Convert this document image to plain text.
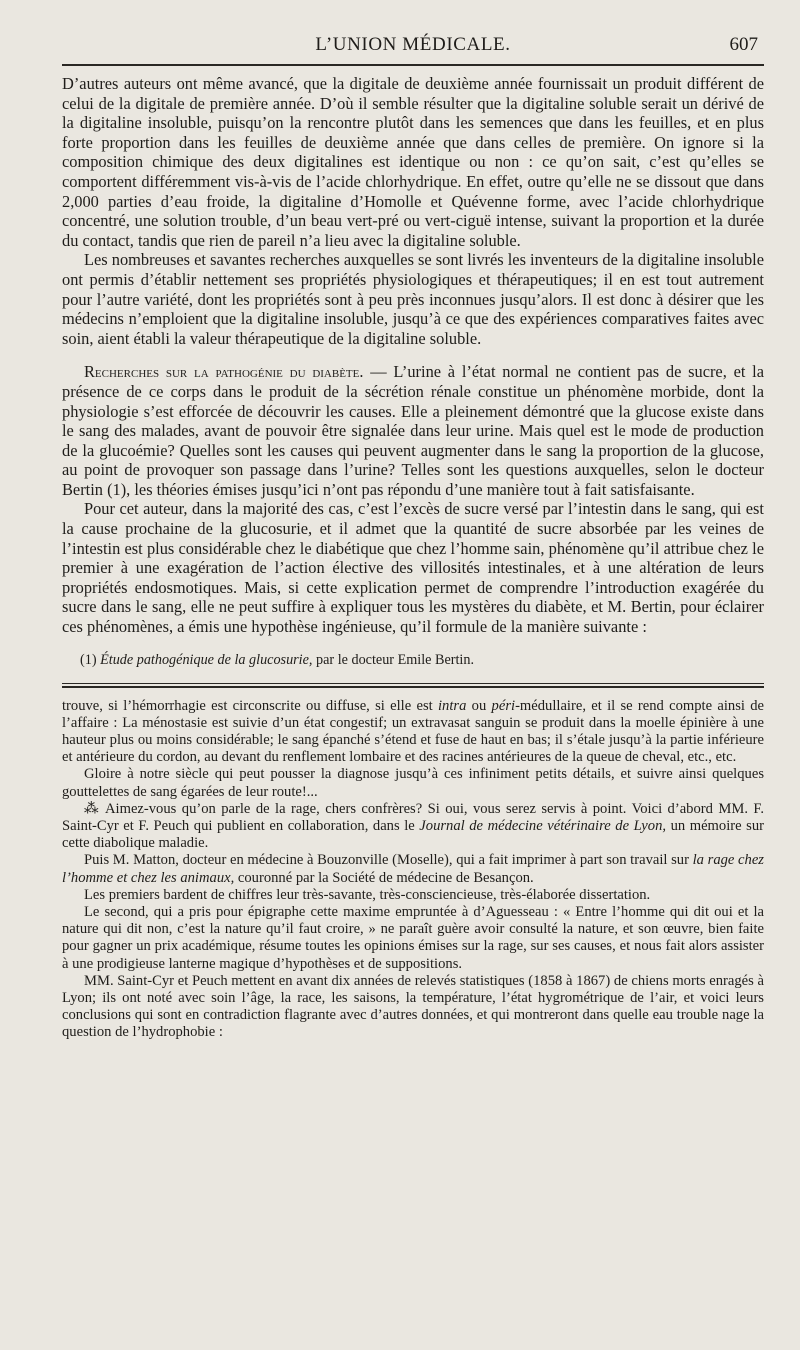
L’UNION MÉDICALE.	607

D’autres auteurs ont même avancé, que la digitale de deuxième année fournissait un produit différent de celui de la digitale de première année. D’où il semble résulter que la digitaline soluble serait un dérivé de la digitaline insoluble, puisqu’on la rencontre plutôt dans les semences que dans les feuilles, et en plus forte proportion dans les feuilles de deuxième année que dans celles de première. On ignore si la composition chimique des deux digitalines est identique ou non : ce qu’on sait, c’est qu’elles se comportent différemment vis-à-vis de l’acide chlorhydrique. En effet, outre qu’elle ne se dissout que dans 2,000 parties d’eau froide, la digitaline d’Homolle et Quévenne forme, avec l’acide chlorhydrique concentré, une solution trouble, d’un beau vert-pré ou vert-ciguë intense, suivant la proportion et la durée du contact, tandis que rien de pareil n’a lieu avec la digitaline soluble.

Les nombreuses et savantes recherches auxquelles se sont livrés les inventeurs de la digitaline insoluble ont permis d’établir nettement ses propriétés physiologiques et thérapeutiques; il en est tout autrement pour l’autre variété, dont les propriétés sont à peu près inconnues jusqu’alors. Il est donc à désirer que les médecins n’emploient que la digitaline insoluble, jusqu’à ce que des expériences comparatives faites avec soin, aient établi la valeur thérapeutique de la digitaline soluble.

Recherches sur la pathogénie du diabète. — L’urine à l’état normal ne contient pas de sucre, et la présence de ce corps dans le produit de la sécrétion rénale constitue un phénomène morbide, dont la physiologie s’est efforcée de découvrir les causes. Elle a pleinement démontré que la glucose existe dans le sang des malades, avant de pouvoir être signalée dans leur urine. Mais quel est le mode de production de la glucoémie? Quelles sont les causes qui peuvent augmenter dans le sang la proportion de la glucose, au point de provoquer son passage dans l’urine? Telles sont les questions auxquelles, selon le docteur Bertin (1), les théories émises jusqu’ici n’ont pas répondu d’une manière tout à fait satisfaisante.

Pour cet auteur, dans la majorité des cas, c’est l’excès de sucre versé par l’intestin dans le sang, qui est la cause prochaine de la glucosurie, et il admet que la quantité de sucre absorbée par les veines de l’intestin est plus considérable chez le diabétique que chez l’homme sain, phénomène qu’il attribue chez le premier à une exagération de l’action élective des villosités intestinales, et à une altération de leurs propriétés endosmotiques. Mais, si cette explication permet de comprendre l’introduction exagérée du sucre dans le sang, elle ne peut suffire à expliquer tous les mystères du diabète, et M. Bertin, pour éclairer ces phénomènes, a émis une hypothèse ingénieuse, qu’il formule de la manière suivante :

(1) Étude pathogénique de la glucosurie, par le docteur Emile Bertin.

trouve, si l’hémorrhagie est circonscrite ou diffuse, si elle est intra ou péri-médullaire, et il se rend compte ainsi de l’affaire : La ménostasie est suivie d’un état congestif; un extravasat sanguin se produit dans la moelle épinière à une hauteur plus ou moins considérable; le sang épanché s’étend et fuse de haut en bas; il s’étale jusqu’à la partie inférieure et antérieure du cordon, au devant du renflement lombaire et des racines antérieures de la queue de cheval, etc., etc.

Gloire à notre siècle qui peut pousser la diagnose jusqu’à ces infiniment petits détails, et suivre ainsi quelques gouttelettes de sang égarées de leur route!...

⁂ Aimez-vous qu’on parle de la rage, chers confrères? Si oui, vous serez servis à point. Voici d’abord MM. F. Saint-Cyr et F. Peuch qui publient en collaboration, dans le Journal de médecine vétérinaire de Lyon, un mémoire sur cette diabolique maladie.

Puis M. Matton, docteur en médecine à Bouzonville (Moselle), qui a fait imprimer à part son travail sur la rage chez l’homme et chez les animaux, couronné par la Société de médecine de Besançon.

Les premiers bardent de chiffres leur très-savante, très-consciencieuse, très-élaborée dissertation.

Le second, qui a pris pour épigraphe cette maxime empruntée à d’Aguesseau : « Entre l’homme qui dit oui et la nature qui dit non, c’est la nature qu’il faut croire, » ne paraît guère avoir consulté la nature, et son œuvre, bien faite pour gagner un prix académique, résume toutes les opinions émises sur la rage, sur ses causes, et nous fait alors assister à une prodigieuse lanterne magique d’hypothèses et de suppositions.

MM. Saint-Cyr et Peuch mettent en avant dix années de relevés statistiques (1858 à 1867) de chiens morts enragés à Lyon; ils ont noté avec soin l’âge, la race, les saisons, la température, l’état hygrométrique de l’air, et voici leurs conclusions qui sont en contradiction flagrante avec d’autres données, et qui montreront dans quelle eau trouble nage la question de l’hydrophobie :
